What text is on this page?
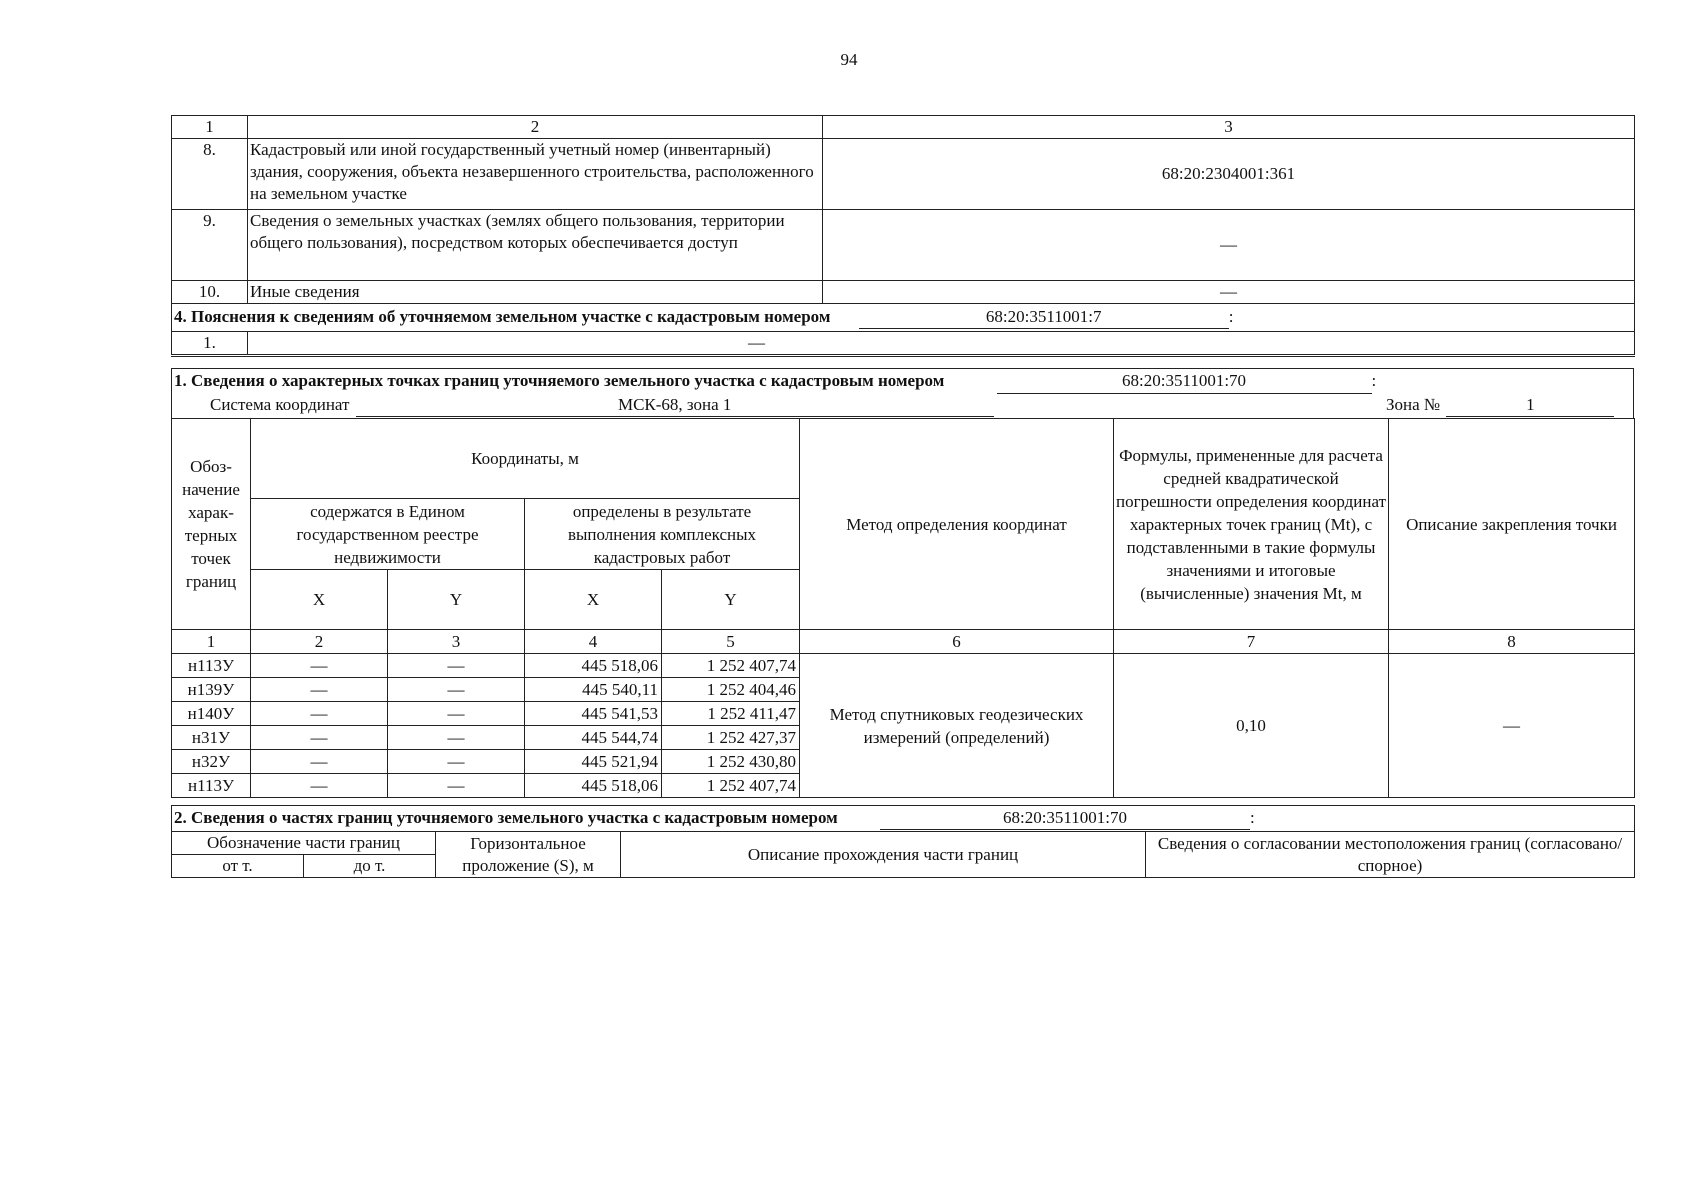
94
1	2	3
8.	Кадастровый или иной государственный учетный номер (инвентарный) здания, сооружения, объекта незавершенного строительства, расположенного на земельном участке	68:20:2304001:361
9.	Сведения о земельных участках (землях общего пользования, территории общего пользования), посредством которых обеспечивается доступ	—
10.	Иные сведения	—
4. Пояснения к сведениям об уточняемом земельном участке с кадастровым номером 68:20:3511001:7 :		
1.	—	
1. Сведения о характерных точках границ уточняемого земельного участка с кадастровым номером	68:20:3511001:70	:
Система координат	МСК-68, зона 1	Зона №	1
Обоз-начение харак-терных точек границ	Координаты, м				Метод определения координат	Формулы, примененные для расчета средней квадратической погрешности определения координат характерных точек границ (Mt), с подставленными в такие формулы значениями и итоговые (вычисленные) значения Mt, м	Описание закрепления точки
	содержатся в Едином государственном реестре недвижимости		определены в результате выполнения комплексных кадастровых работ				
	X	Y	X	Y			
1	2	3	4	5	6	7	8
н113У	—	—	445 518,06	1 252 407,74	Метод спутниковых геодезических измерений (определений)	0,10	—
н139У	—	—	445 540,11	1 252 404,46			
н140У	—	—	445 541,53	1 252 411,47			
н31У	—	—	445 544,74	1 252 427,37			
н32У	—	—	445 521,94	1 252 430,80			
н113У	—	—	445 518,06	1 252 407,74			
2. Сведения о частях границ уточняемого земельного участка с кадастровым номером 68:20:3511001:70 :				
Обозначение части границ		Горизонтальное проложение (S), м	Описание прохождения части границ	Сведения о согласовании местоположения границ (согласовано/спорное)
от т.	до т.			
